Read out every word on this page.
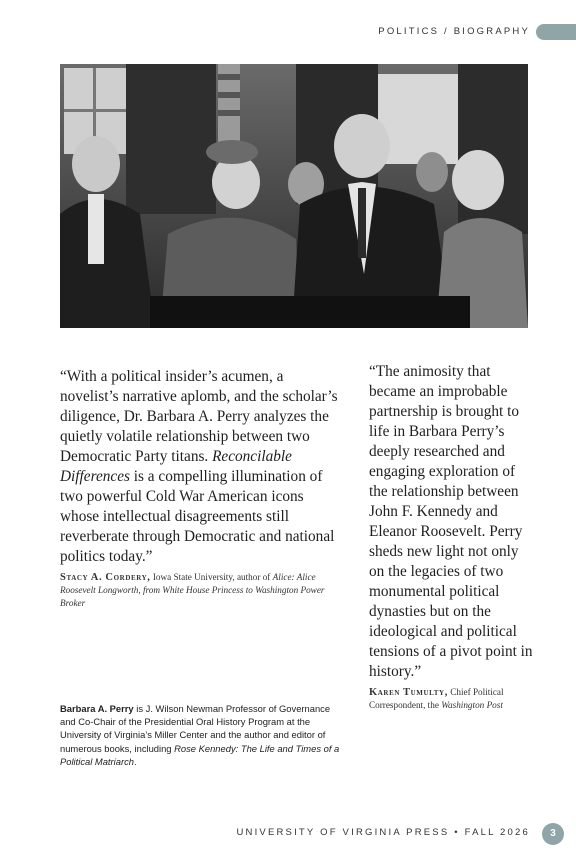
POLITICS / BIOGRAPHY

“With a political insider’s acumen, a novelist’s narrative aplomb, and the scholar’s diligence, Dr. Barbara A. Perry analyzes the quietly volatile relationship between two Democratic Party titans. Reconcilable Differences is a compelling illumination of two powerful Cold War American icons whose intellectual disagreements still reverberate through Democratic and national politics today.”

Stacy A. Cordery, Iowa State University, author of Alice: Alice Roosevelt Longworth, from White House Princess to Washington Power Broker

“The animosity that became an improbable partnership is brought to life in Barbara Perry’s deeply researched and engaging exploration of the relationship between John F. Kennedy and Eleanor Roosevelt. Perry sheds new light not only on the legacies of two monumental political dynasties but on the ideological and political tensions of a pivot point in history.”

Karen Tumulty, Chief Political Correspondent, the Washington Post
Barbara A. Perry is J. Wilson Newman Professor of Governance and Co-Chair of the Presidential Oral History Program at the University of Virginia’s Miller Center and the author and editor of numerous books, including Rose Kennedy: The Life and Times of a Political Matriarch.
UNIVERSITY OF VIRGINIA PRESS • FALL 2026	3
